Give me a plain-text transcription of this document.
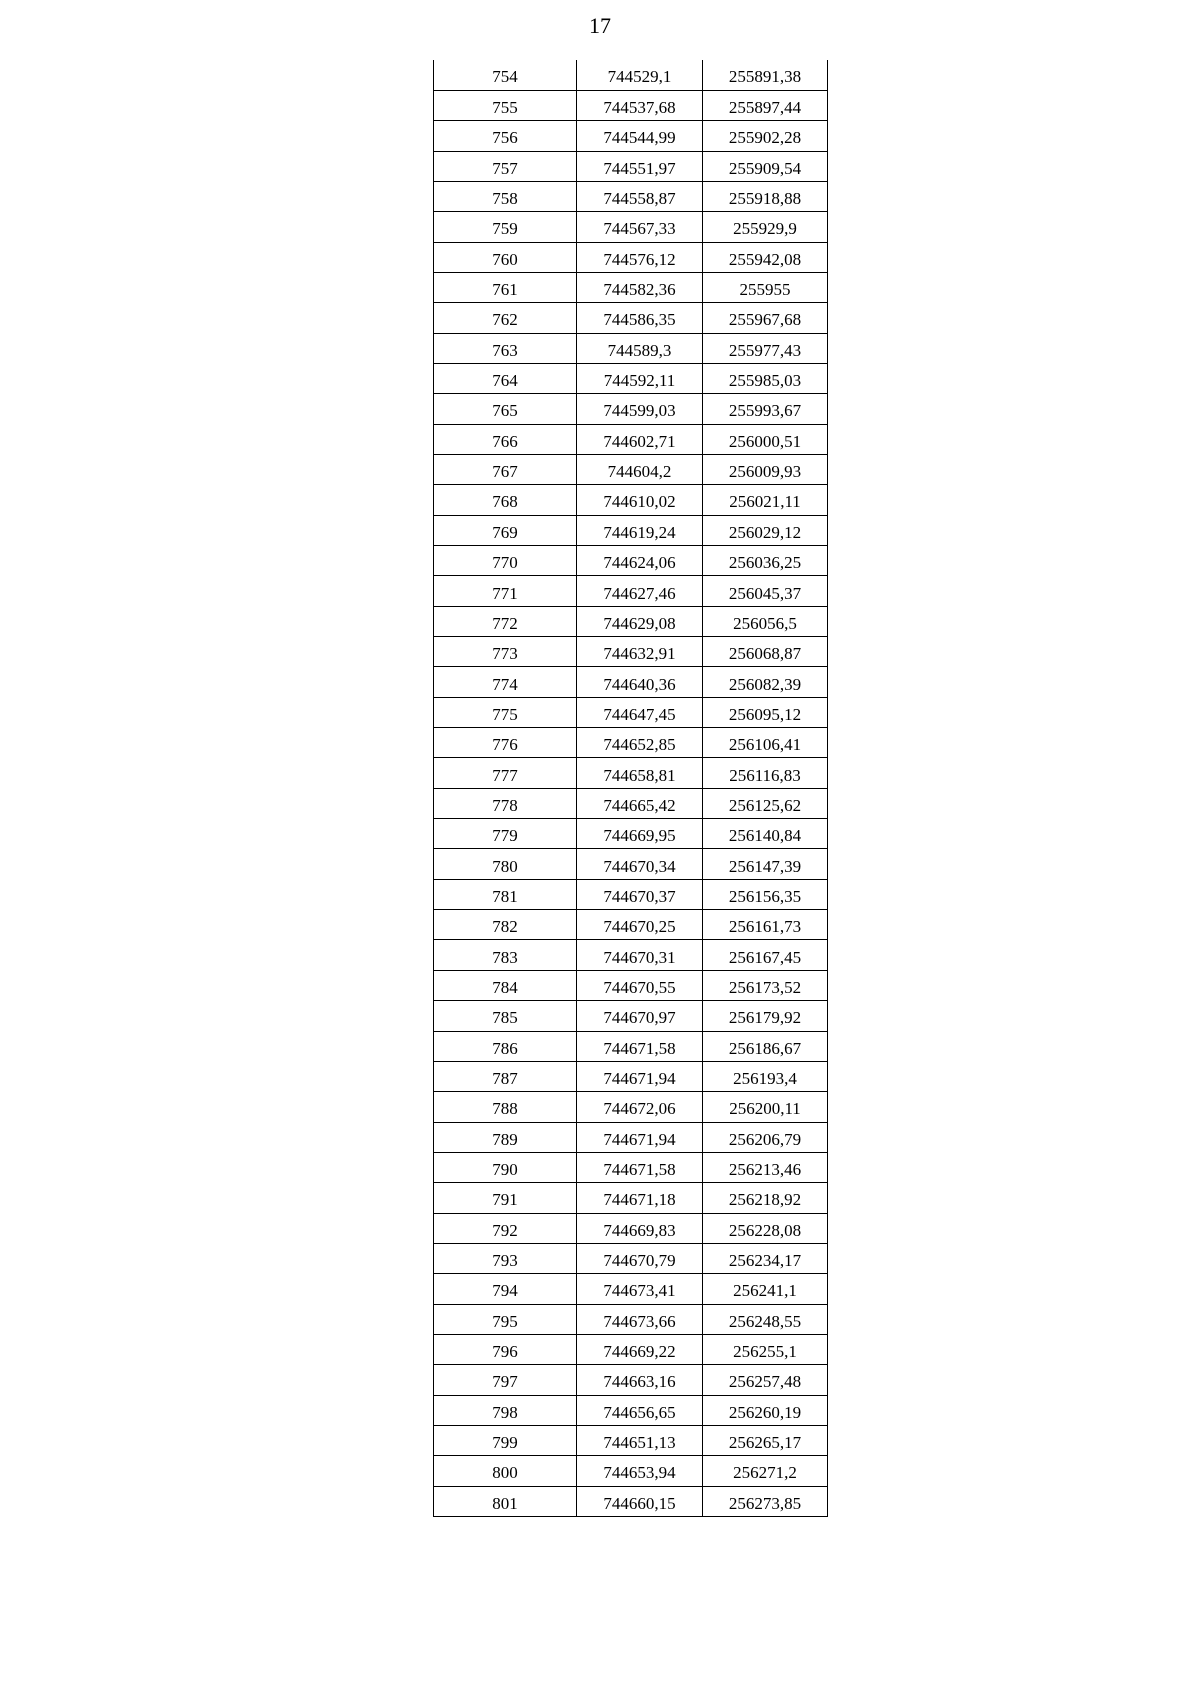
17
754	744529,1	255891,38
755	744537,68	255897,44
756	744544,99	255902,28
757	744551,97	255909,54
758	744558,87	255918,88
759	744567,33	255929,9
760	744576,12	255942,08
761	744582,36	255955
762	744586,35	255967,68
763	744589,3	255977,43
764	744592,11	255985,03
765	744599,03	255993,67
766	744602,71	256000,51
767	744604,2	256009,93
768	744610,02	256021,11
769	744619,24	256029,12
770	744624,06	256036,25
771	744627,46	256045,37
772	744629,08	256056,5
773	744632,91	256068,87
774	744640,36	256082,39
775	744647,45	256095,12
776	744652,85	256106,41
777	744658,81	256116,83
778	744665,42	256125,62
779	744669,95	256140,84
780	744670,34	256147,39
781	744670,37	256156,35
782	744670,25	256161,73
783	744670,31	256167,45
784	744670,55	256173,52
785	744670,97	256179,92
786	744671,58	256186,67
787	744671,94	256193,4
788	744672,06	256200,11
789	744671,94	256206,79
790	744671,58	256213,46
791	744671,18	256218,92
792	744669,83	256228,08
793	744670,79	256234,17
794	744673,41	256241,1
795	744673,66	256248,55
796	744669,22	256255,1
797	744663,16	256257,48
798	744656,65	256260,19
799	744651,13	256265,17
800	744653,94	256271,2
801	744660,15	256273,85
